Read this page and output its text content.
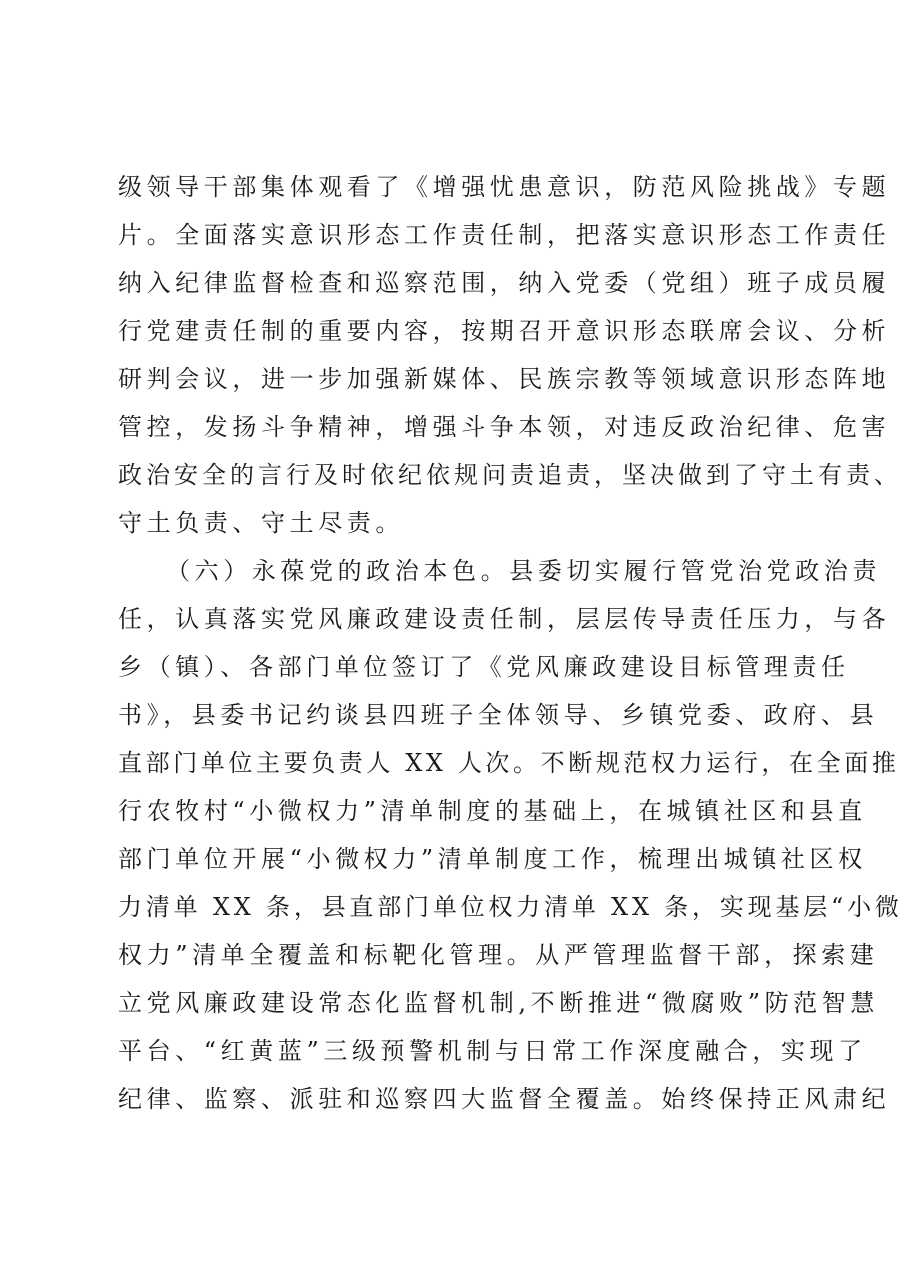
级领导干部集体观看了《增强忧患意识，防范风险挑战》专题
片。全面落实意识形态工作责任制，把落实意识形态工作责任
纳入纪律监督检查和巡察范围，纳入党委（党组）班子成员履
行党建责任制的重要内容，按期召开意识形态联席会议、分析
研判会议，进一步加强新媒体、民族宗教等领域意识形态阵地
管控，发扬斗争精神，增强斗争本领，对违反政治纪律、危害
政治安全的言行及时依纪依规问责追责，坚决做到了守土有责、
守土负责、守土尽责。
（六）永葆党的政治本色。县委切实履行管党治党政治责
任，认真落实党风廉政建设责任制，层层传导责任压力，与各
乡（镇）、各部门单位签订了《党风廉政建设目标管理责任
书》，县委书记约谈县四班子全体领导、乡镇党委、政府、县
直部门单位主要负责人 XX 人次。不断规范权力运行，在全面推
行农牧村“小微权力”清单制度的基础上，在城镇社区和县直
部门单位开展“小微权力”清单制度工作，梳理出城镇社区权
力清单 XX 条，县直部门单位权力清单 XX 条，实现基层“小微
权力”清单全覆盖和标靶化管理。从严管理监督干部，探索建
立党风廉政建设常态化监督机制,不断推进“微腐败”防范智慧
平台、“红黄蓝”三级预警机制与日常工作深度融合，实现了
纪律、监察、派驻和巡察四大监督全覆盖。始终保持正风肃纪
